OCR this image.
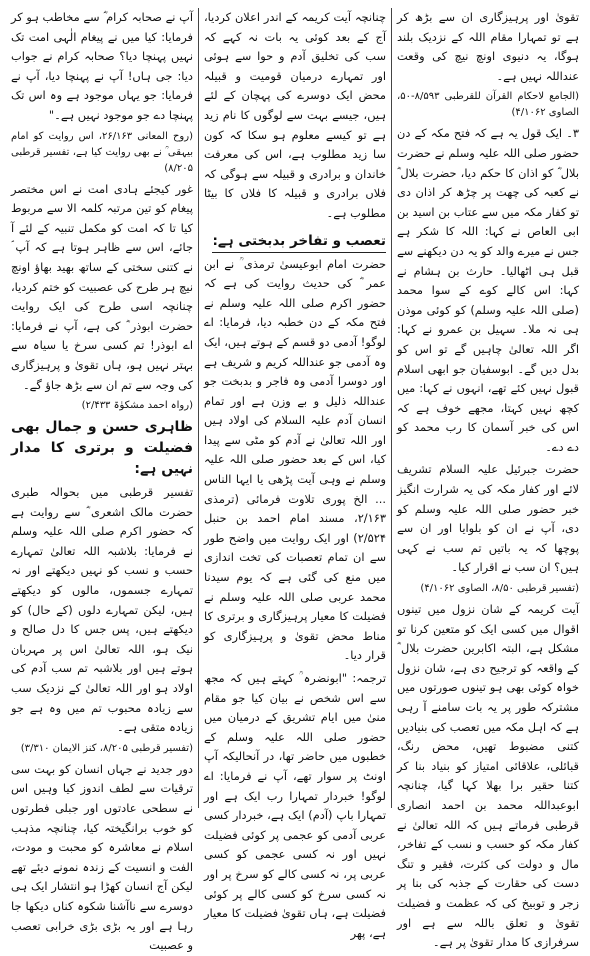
آپ نے صحابہ کرام ؓ سے مخاطب ہو کر فرمایا: کیا میں نے پیغام الٰہی امت تک نہیں پہنچا دیا؟ صحابہ کرام نے جواب دیا: جی ہاں! آپ نے پہنچا دیا، آپ نے فرمایا: جو یہاں موجود ہے وہ اس تک پہنچا دے جو موجود نہیں ہے۔"

(روح المعانی ۲۶/۱۶۳، اس روایت کو امام بیہقی ؒ نے بھی روایت کیا ہے، تفسیر قرطبی ۸/۲۰۵)

غور کیجئے ہادی امت نے اس مختصر پیغام کو تین مرتبہ کلمہ الا سے مربوط کیا تا کہ امت کو مکمل تنبیہ کے لئے آ جائے، اس سے ظاہر ہوتا ہے کہ آپ ؐ نے کتنی سختی کے ساتھ بھید بھاؤ اونچ نیچ ہر طرح کی عصبیت کو ختم کردیا، چنانچہ اسی طرح کی ایک روایت حضرت ابوذر ؓ کی ہے، آپ نے فرمایا: اے ابوذر! تم کسی سرخ یا سیاہ سے بہتر نہیں ہو، ہاں تقویٰ و پرہیزگاری کی وجہ سے تم ان سے بڑھ جاؤ گے۔

(رواہ احمد مشکوٰۃ ۲/۴۳۳)

ظاہری حسن و جمال بھی فضیلت و برتری کا مدار نہیں ہے:

تفسیر قرطبی میں بحوالہ طبری حضرت مالک اشعری ؓ سے روایت ہے کہ حضور اکرم صلی اللہ علیہ وسلم نے فرمایا: بلاشبہ اللہ تعالیٰ تمہارے حسب و نسب کو نہیں دیکھتے اور نہ تمہارے جسموں، مالوں کو دیکھتے ہیں، لیکن تمہارے دلوں (کے حال) کو دیکھتے ہیں، پس جس کا دل صالح و نیک ہو، اللہ تعالیٰ اس پر مہربان ہوتے ہیں اور بلاشبہ تم سب آدم کی اولاد ہو اور اللہ تعالیٰ کے نزدیک سب سے زیادہ محبوب تم میں وہ ہے جو زیادہ متقی ہے۔

(تفسیر قرطبی ۸/۲۰۵، کنز الایمان ۳/۳۱۰)

دور جدید نے جہاں انسان کو بہت سی ترقیات سے لطف اندوز کیا وہیں اس نے سطحی عادتوں اور جبلی فطرتوں کو خوب برانگیختہ کیا، چنانچہ مذہب اسلام نے معاشرہ کو محبت و مودت، الفت و انسیت کے زندہ نمونے دیئے تھے لیکن آج انسان کھڑا ہو انتشار ایک ہی دوسرے سے ناآشنا شکوہ کناں دیکھا جا رہا ہے اور یہ بڑی بڑی خرابی تعصب و عصبیت

چنانچہ آیت کریمہ کے اندر اعلان کردیا، آج کے بعد کوئی یہ بات نہ کہے کہ سب کی تخلیق آدم و حوا سے ہوئی اور تمہارے درمیان قومیت و قبیلہ محض ایک دوسرے کی پہچان کے لئے ہیں، جیسے بہت سے لوگوں کا نام زید ہے تو کیسے معلوم ہو سکا کہ کون سا زید مطلوب ہے، اس کی معرفت خاندان و برادری و قبیلہ سے ہوگی کہ فلاں برادری و قبیلہ کا فلاں کا بیٹا مطلوب ہے۔

تعصب و تفاخر بدبختی ہے:

حضرت امام ابوعیسیٰ ترمذی ؒ نے ابن عمر ؓ کی حدیث روایت کی ہے کہ حضور اکرم صلی اللہ علیہ وسلم نے فتح مکہ کے دن خطبہ دیا، فرمایا: اے لوگو! آدمی دو قسم کے ہوتے ہیں، ایک وہ آدمی جو عنداللہ کریم و شریف ہے اور دوسرا آدمی وہ فاجر و بدبخت جو عنداللہ ذلیل و بے وزن ہے اور تمام انسان آدم علیہ السلام کی اولاد ہیں اور اللہ تعالیٰ نے آدم کو مٹی سے پیدا کیا، اس کے بعد حضور صلی اللہ علیہ وسلم نے وہی آیت پڑھی یا ایہا الناس ... الخ پوری تلاوت فرمائی (ترمذی ۲/۱۶۳، مسند امام احمد بن حنبل ۲/۵۲۴) اور ایک روایت میں واضح طور سے ان تمام تعصبات کی تخت اندازی میں منع کی گئی ہے کہ یوم سیدنا محمد عربی صلی اللہ علیہ وسلم نے فضیلت کا معیار پرہیزگاری و برتری کا مناط محض تقویٰ و پرہیزگاری کو قرار دیا۔

ترجمہ: "ابونضرہ ؒ کہتے ہیں کہ مجھ سے اس شخص نے بیان کیا جو مقام منیٰ میں ایام تشریق کے درمیان میں حضور صلی اللہ علیہ وسلم کے خطبوں میں حاضر تھا، در آنحالیکہ آپ اونٹ پر سوار تھے، آپ نے فرمایا: اے لوگو! خبردار تمہارا رب ایک ہے اور تمہارا باپ (آدم) ایک ہے، خبردار کسی عربی آدمی کو عجمی پر کوئی فضیلت نہیں اور نہ کسی عجمی کو کسی عربی پر، نہ کسی کالے کو سرخ پر اور نہ کسی سرخ کو کسی کالے پر کوئی فضیلت ہے، ہاں تقویٰ فضیلت کا معیار ہے، پھر

تقویٰ اور پرہیزگاری ان سے بڑھ کر ہے تو تمہارا مقام اللہ کے نزدیک بلند ہوگا، یہ دنیوی اونچ نیچ کی وقعت عنداللہ نہیں ہے۔

(الجامع لاحکام القرآن للقرطبی ۸/۵۹۳-۵۰، الصاوی ۴/۱۰۶۲)

۳۔ ایک قول یہ ہے کہ فتح مکہ کے دن حضور صلی اللہ علیہ وسلم نے حضرت بلال ؓ کو اذان کا حکم دیا، حضرت بلال ؓ نے کعبہ کی چھت پر چڑھ کر اذان دی تو کفار مکہ میں سے عتاب بن اسید بن ابی العاص نے کہا: اللہ کا شکر ہے جس نے میرے والد کو یہ دن دیکھنے سے قبل ہی اٹھالیا۔ حارث بن ہشام نے کہا: اس کالے کوے کے سوا محمد (صلی اللہ علیہ وسلم) کو کوئی موذن ہی نہ ملا۔ سہیل بن عمرو نے کہا: اگر اللہ تعالیٰ چاہیں گے تو اس کو بدل دیں گے۔ ابوسفیان جو ابھی اسلام قبول نہیں کئے تھے، انہوں نے کہا: میں کچھ نہیں کہتا، مجھے خوف ہے کہ اس کی خبر آسمان کا رب محمد کو دے دے۔

حضرت جبرئیل علیہ السلام تشریف لائے اور کفار مکہ کی یہ شرارت انگیز خبر حضور صلی اللہ علیہ وسلم کو دی، آپ نے ان کو بلوایا اور ان سے پوچھا کہ یہ باتیں تم سب نے کہی ہیں؟ ان سب نے اقرار کیا۔

(تفسیر قرطبی ۸/۵۰، الصاوی ۴/۱۰۶۲)

آیت کریمہ کے شان نزول میں تینوں اقوال میں کسی ایک کو متعین کرنا تو مشکل ہے، البتہ اکابرین حضرت بلال ؓ کے واقعہ کو ترجیح دی ہے، شان نزول خواہ کوئی بھی ہو تینوں صورتوں میں مشترکہ طور پر یہ بات سامنے آ رہی ہے کہ اہل مکہ میں تعصب کی بنیادیں کتنی مضبوط تھیں، محض رنگ، قبائلی، علاقائی امتیاز کو بنیاد بنا کر کتنا حقیر برا بھلا کہا گیا، چنانچہ ابوعبداللہ محمد بن احمد انصاری قرطبی فرماتے ہیں کہ اللہ تعالیٰ نے کفار مکہ کو حسب و نسب کے تفاخر، مال و دولت کی کثرت، فقیر و تنگ دست کی حقارت کے جذبہ کی بنا پر زجر و توبیخ کی کہ عظمت و فضیلت تقویٰ و تعلق باللہ سے ہے اور سرفرازی کا مدار تقویٰ پر ہے۔
